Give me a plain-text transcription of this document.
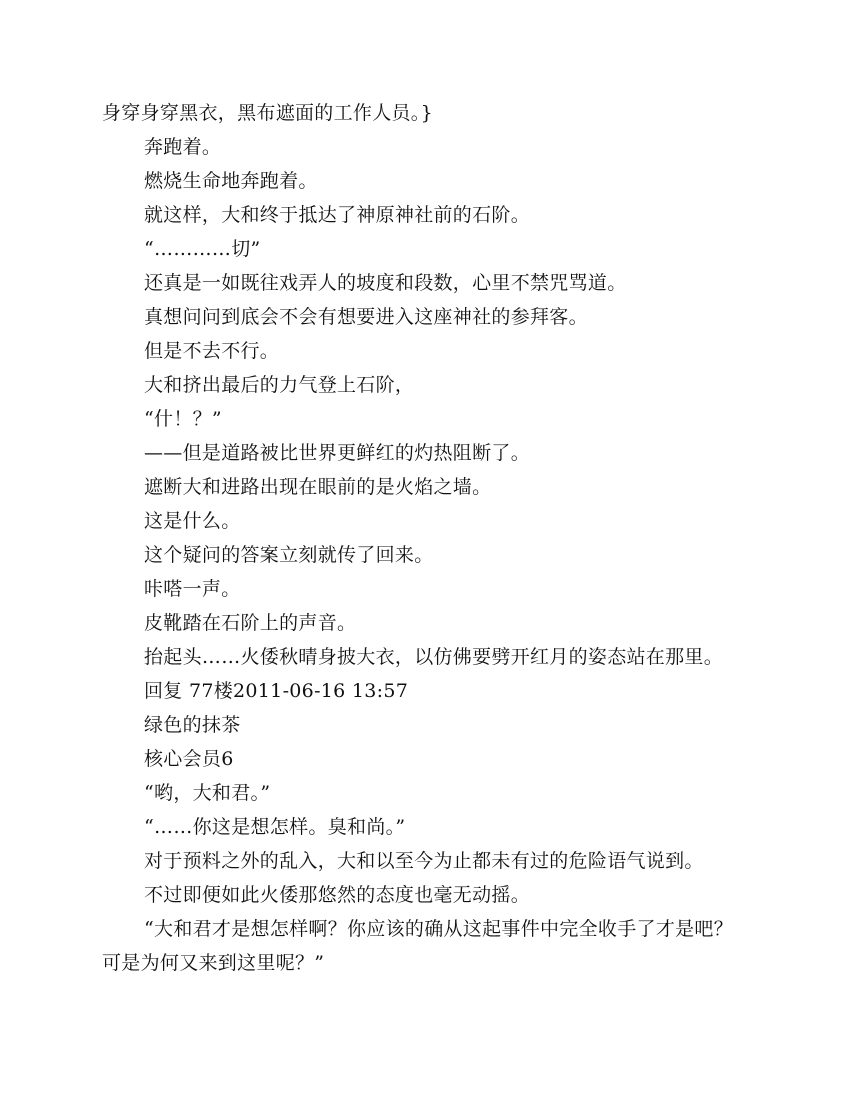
身穿身穿黑衣，黑布遮面的工作人员。}

奔跑着。

燃烧生命地奔跑着。

就这样，大和终于抵达了神原神社前的石阶。

“…………切”

还真是一如既往戏弄人的坡度和段数，心里不禁咒骂道。

真想问问到底会不会有想要进入这座神社的参拜客。

但是不去不行。

大和挤出最后的力气登上石阶，

“什！？”

——但是道路被比世界更鲜红的灼热阻断了。

遮断大和进路出现在眼前的是火焰之墙。

这是什么。

这个疑问的答案立刻就传了回来。

咔嗒一声。

皮靴踏在石阶上的声音。

抬起头……火倭秋晴身披大衣，以仿佛要劈开红月的姿态站在那里。

回复 77楼2011-06-16 13:57

绿色的抹茶

核心会员6

“哟，大和君。”

“……你这是想怎样。臭和尚。”

对于预料之外的乱入，大和以至今为止都未有过的危险语气说到。

不过即便如此火倭那悠然的态度也毫无动摇。

“大和君才是想怎样啊？你应该的确从这起事件中完全收手了才是吧？可是为何又来到这里呢？”
